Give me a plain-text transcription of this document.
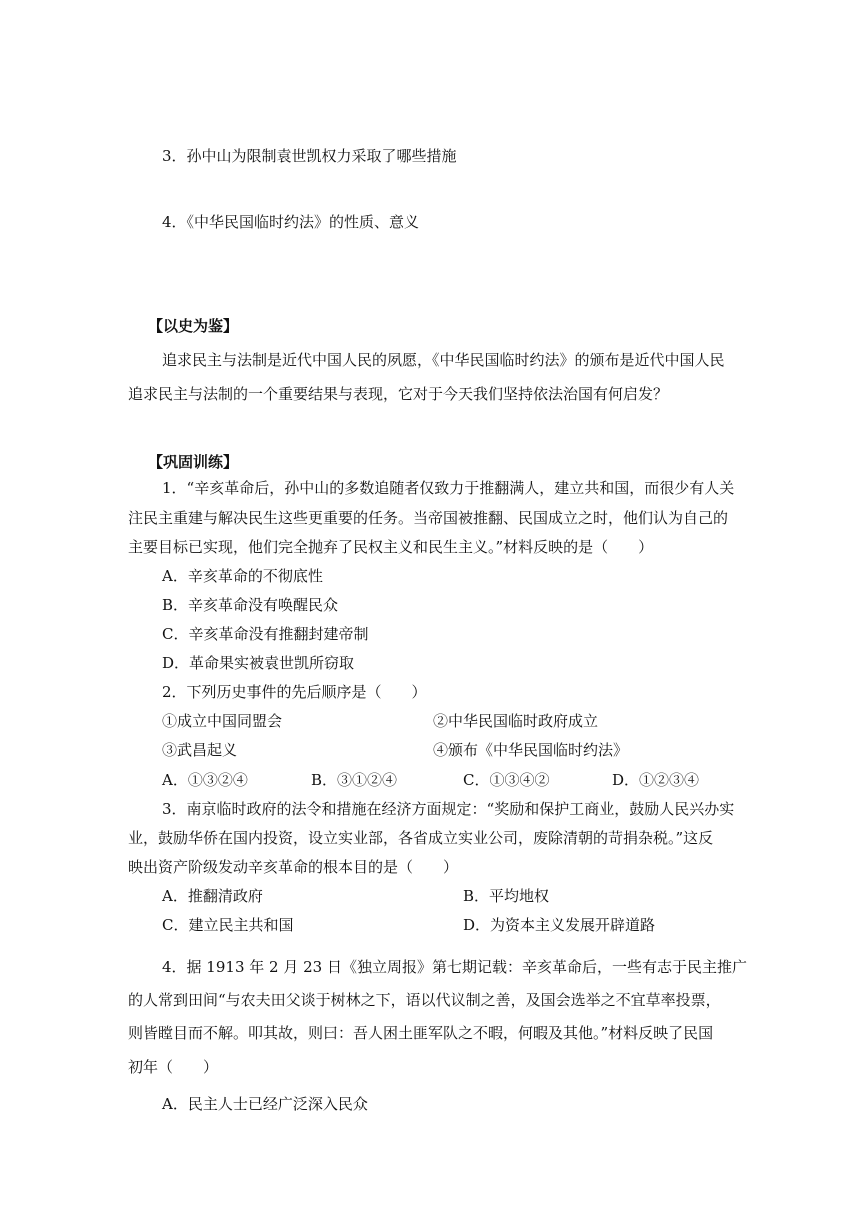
3．孙中山为限制袁世凯权力采取了哪些措施
4．《中华民国临时约法》的性质、意义
【以史为鉴】
追求民主与法制是近代中国人民的夙愿，《中华民国临时约法》的颁布是近代中国人民
追求民主与法制的一个重要结果与表现，它对于今天我们坚持依法治国有何启发？
【巩固训练】
1．“辛亥革命后，孙中山的多数追随者仅致力于推翻满人，建立共和国，而很少有人关
注民主重建与解决民生这些更重要的任务。当帝国被推翻、民国成立之时，他们认为自己的
主要目标已实现，他们完全抛弃了民权主义和民生主义。”材料反映的是（　　）
A．辛亥革命的不彻底性
B．辛亥革命没有唤醒民众
C．辛亥革命没有推翻封建帝制
D．革命果实被袁世凯所窃取
2．下列历史事件的先后顺序是（　　）
①成立中国同盟会	②中华民国临时政府成立
③武昌起义	④颁布《中华民国临时约法》
A．①③②④	B．③①②④	C．①③④②	D．①②③④
3．南京临时政府的法令和措施在经济方面规定：“奖励和保护工商业，鼓励人民兴办实
业，鼓励华侨在国内投资，设立实业部，各省成立实业公司，废除清朝的苛捐杂税。”这反
映出资产阶级发动辛亥革命的根本目的是（　　）
A．推翻清政府	B．平均地权
C．建立民主共和国	D．为资本主义发展开辟道路
4．据 1913 年 2 月 23 日《独立周报》第七期记载：辛亥革命后，一些有志于民主推广
的人常到田间“与农夫田父谈于树林之下，语以代议制之善，及国会选举之不宜草率投票，
则皆瞠目而不解。叩其故，则曰：吾人困土匪军队之不暇，何暇及其他。”材料反映了民国
初年（　　）
A．民主人士已经广泛深入民众
